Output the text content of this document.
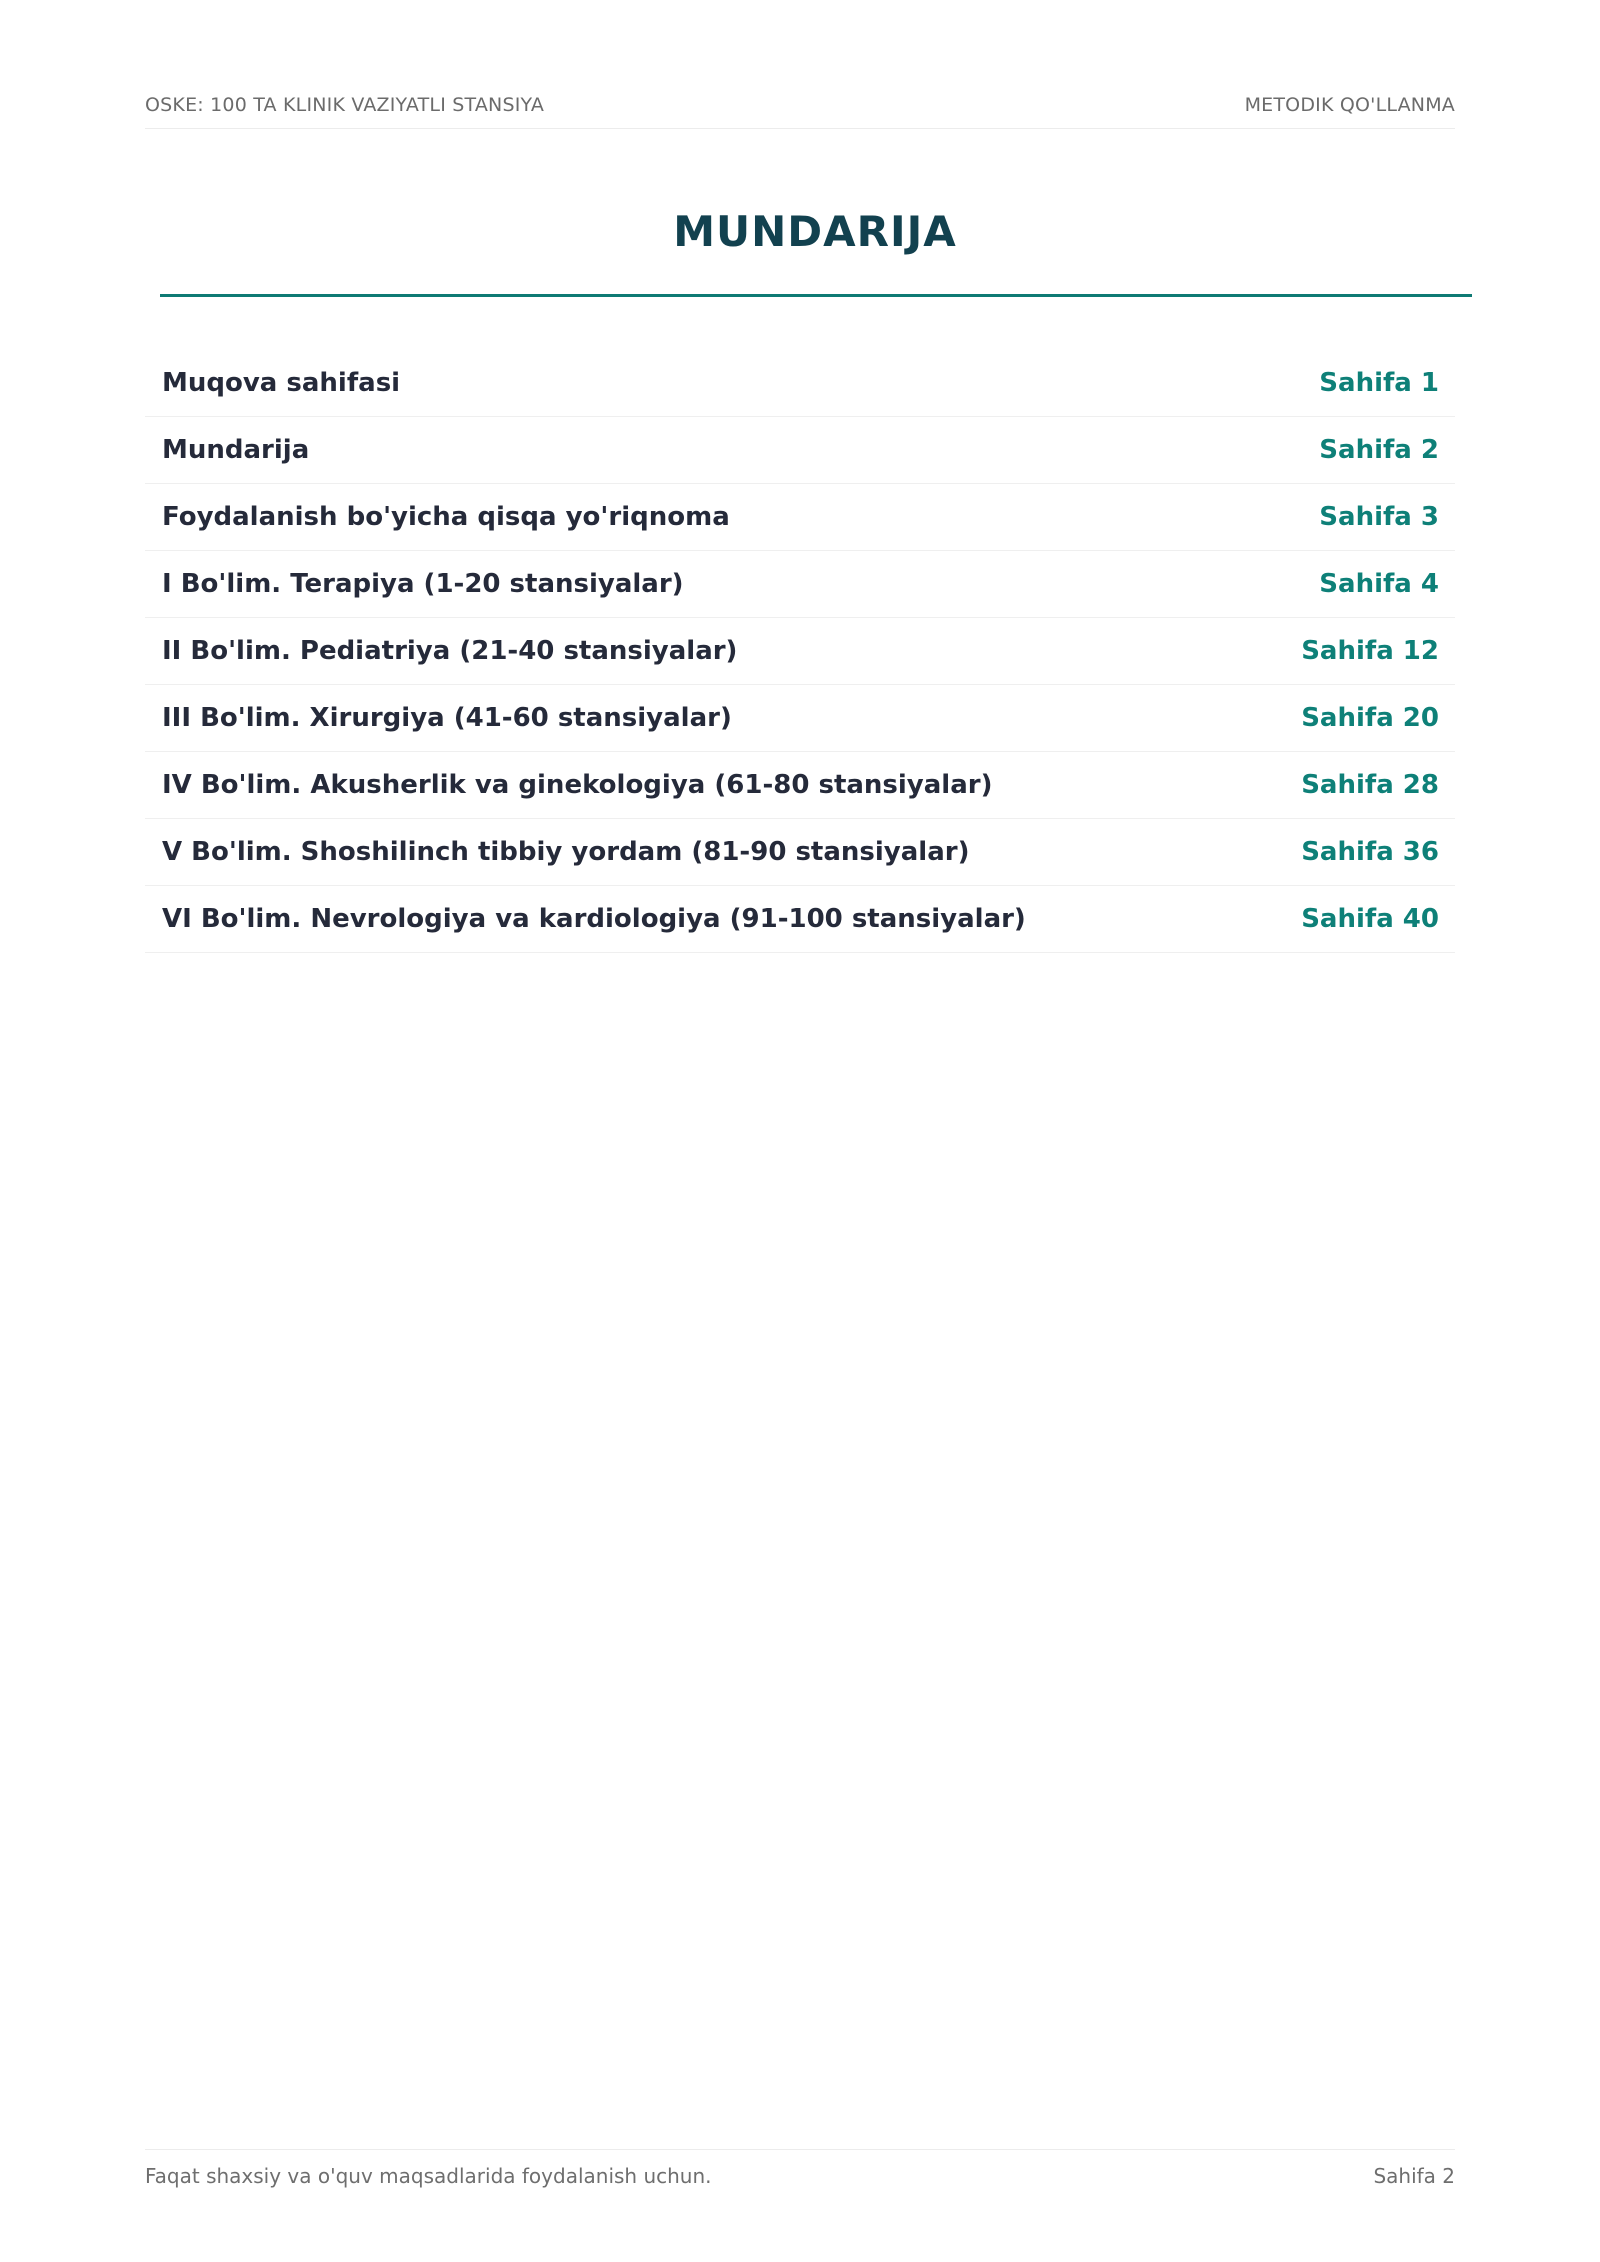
OSKE: 100 TA KLINIK VAZIYATLI STANSIYA	METODIK QO'LLANMA
MUNDARIJA
Muqova sahifasi	Sahifa 1
Mundarija	Sahifa 2
Foydalanish bo'yicha qisqa yo'riqnoma	Sahifa 3
I Bo'lim. Terapiya (1-20 stansiyalar)	Sahifa 4
II Bo'lim. Pediatriya (21-40 stansiyalar)	Sahifa 12
III Bo'lim. Xirurgiya (41-60 stansiyalar)	Sahifa 20
IV Bo'lim. Akusherlik va ginekologiya (61-80 stansiyalar)	Sahifa 28
V Bo'lim. Shoshilinch tibbiy yordam (81-90 stansiyalar)	Sahifa 36
VI Bo'lim. Nevrologiya va kardiologiya (91-100 stansiyalar)	Sahifa 40
Faqat shaxsiy va o'quv maqsadlarida foydalanish uchun.	Sahifa 2
